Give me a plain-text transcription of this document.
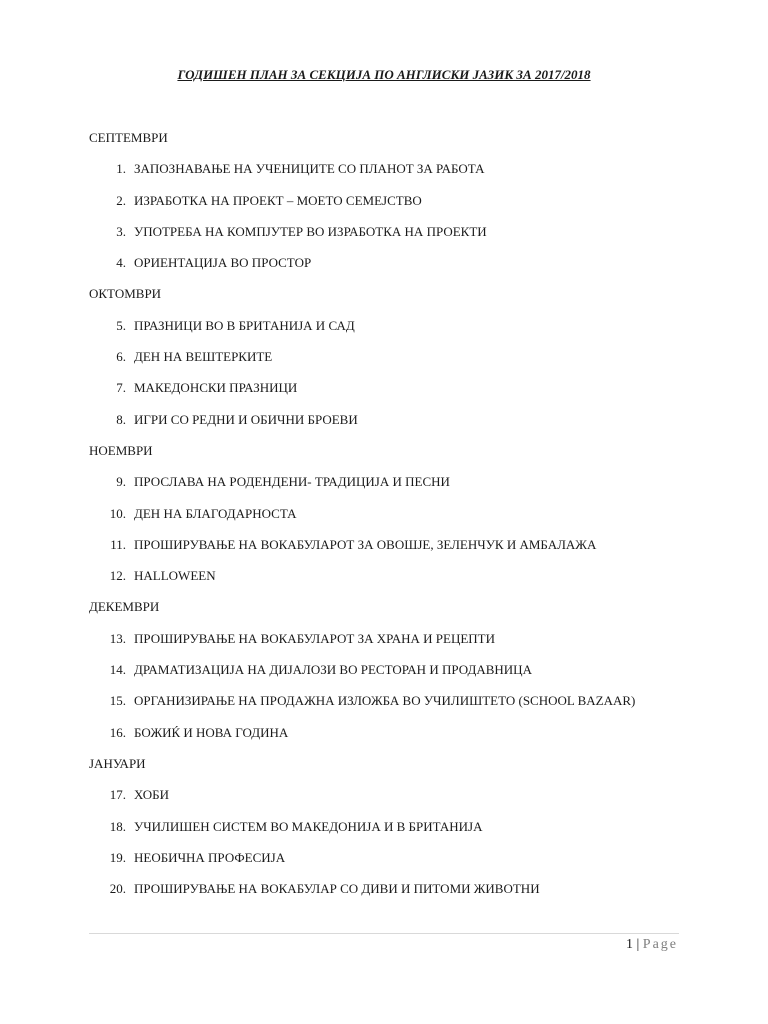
ГОДИШЕН ПЛАН ЗА СЕКЦИЈА ПО АНГЛИСКИ ЈАЗИК ЗА 2017/2018
СЕПТЕМВРИ
1. ЗАПОЗНАВАЊЕ НА УЧЕНИЦИТЕ СО ПЛАНОТ ЗА РАБОТА
2. ИЗРАБОТКА НА ПРОЕКТ – МОЕТО СЕМЕЈСТВО
3. УПОТРЕБА НА КОМПЈУТЕР ВО ИЗРАБОТКА НА ПРОЕКТИ
4. ОРИЕНТАЦИЈА ВО ПРОСТОР
ОКТОМВРИ
5. ПРАЗНИЦИ ВО В БРИТАНИЈА И САД
6. ДЕН НА ВЕШТЕРКИТЕ
7. МАКЕДОНСКИ ПРАЗНИЦИ
8. ИГРИ СО РЕДНИ И ОБИЧНИ БРОЕВИ
НОЕМВРИ
9. ПРОСЛАВА НА РОДЕНДЕНИ- ТРАДИЦИЈА И ПЕСНИ
10. ДЕН НА БЛАГОДАРНОСТА
11. ПРОШИРУВАЊЕ НА ВОКАБУЛАРОТ ЗА ОВОШЈЕ, ЗЕЛЕНЧУК И АМБАЛАЖА
12. HALLOWEEN
ДЕКЕМВРИ
13. ПРОШИРУВАЊЕ НА ВОКАБУЛАРОТ ЗА ХРАНА И РЕЦЕПТИ
14. ДРАМАТИЗАЦИЈА НА ДИЈАЛОЗИ ВО РЕСТОРАН И ПРОДАВНИЦА
15. ОРГАНИЗИРАЊЕ НА ПРОДАЖНА ИЗЛОЖБА ВО УЧИЛИШТЕТО (SCHOOL BAZAAR)
16. БОЖИЌ И НОВА ГОДИНА
ЈАНУАРИ
17. ХОБИ
18. УЧИЛИШЕН СИСТЕМ ВО МАКЕДОНИЈА И В БРИТАНИЈА
19. НЕОБИЧНА ПРОФЕСИЈА
20. ПРОШИРУВАЊЕ НА ВОКАБУЛАР СО ДИВИ И ПИТОМИ ЖИВОТНИ
1 | Page
